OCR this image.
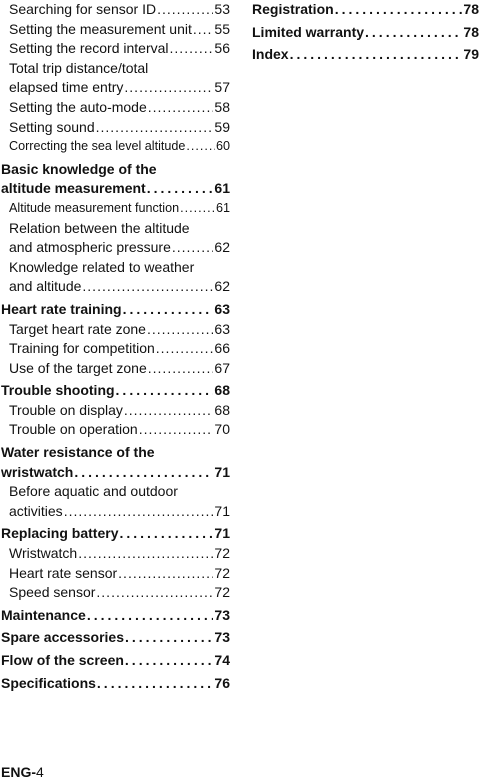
Searching for sensor ID .....	53
Setting the measurement unit ..... 55
Setting the record interval .....	56
Total trip distance/total
elapsed time entry .....	57
Setting the auto-mode .....	58
Setting sound .....	59
Correcting the sea level altitude ..... 60
Basic knowledge of the
altitude measurement .....	61
Altitude measurement function .....	61
Relation between the altitude
and atmospheric pressure .....	62
Knowledge related to weather
and altitude .....	62
Heart rate training .....	63
Target heart rate zone .....	63
Training for competition .....	66
Use of the target zone .....	67
Trouble shooting .....	68
Trouble on display .....	68
Trouble on operation .....	70
Water resistance of the
wristwatch .....	71
Before aquatic and outdoor
activities .....	71
Replacing battery .....	71
Wristwatch .....	72
Heart rate sensor .....	72
Speed sensor .....	72
Maintenance .....	73
Spare accessories .....	73
Flow of the screen .....	74
Specifications .....	76
Registration .....	78
Limited warranty .....	78
Index .....	79
ENG-4
